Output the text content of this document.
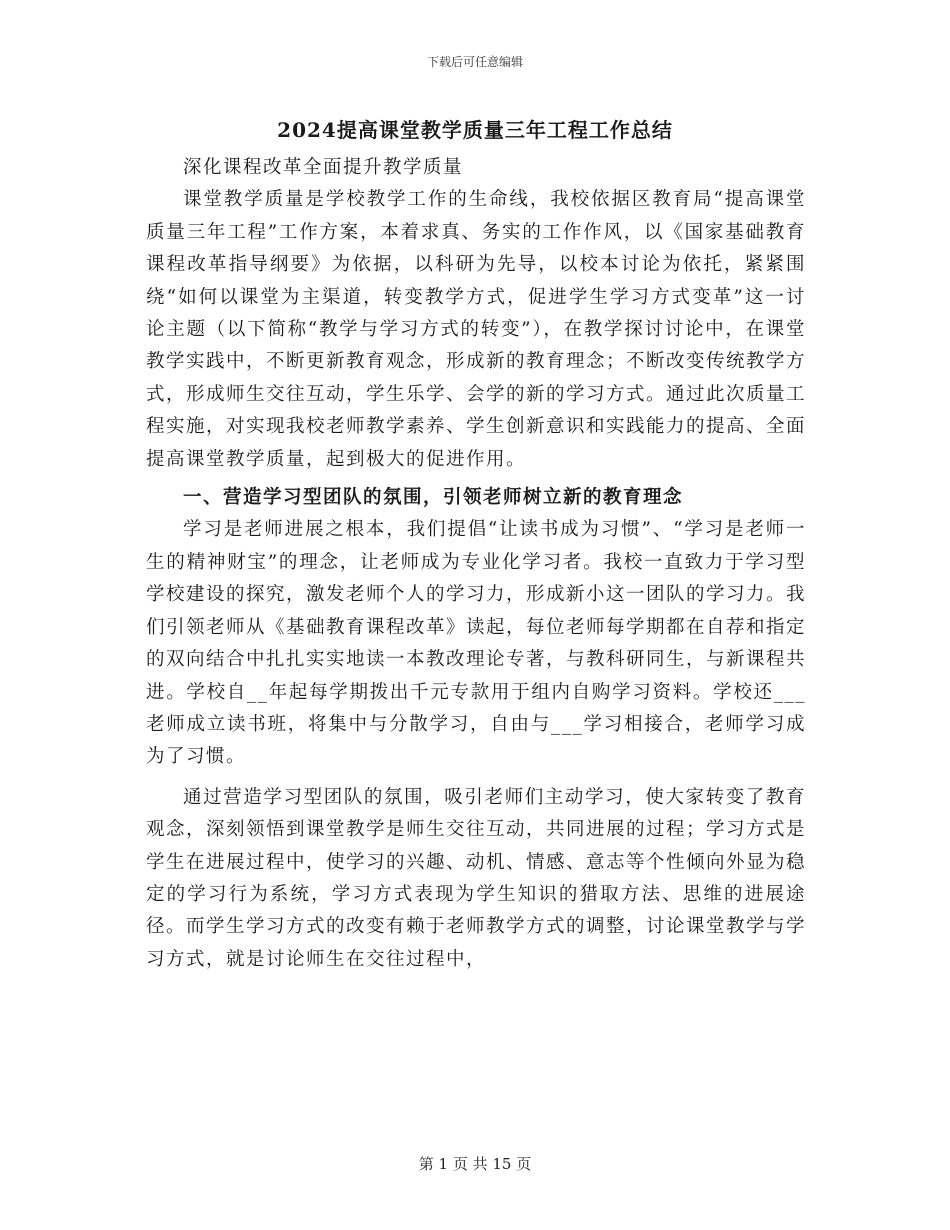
下载后可任意编辑
2024提高课堂教学质量三年工程工作总结

深化课程改革全面提升教学质量

课堂教学质量是学校教学工作的生命线，我校依据区教育局“提高课堂质量三年工程”工作方案，本着求真、务实的工作作风，以《国家基础教育课程改革指导纲要》为依据，以科研为先导，以校本讨论为依托，紧紧围绕“如何以课堂为主渠道，转变教学方式，促进学生学习方式变革”这一讨论主题（以下简称“教学与学习方式的转变”），在教学探讨讨论中，在课堂教学实践中，不断更新教育观念，形成新的教育理念；不断改变传统教学方式，形成师生交往互动，学生乐学、会学的新的学习方式。通过此次质量工程实施，对实现我校老师教学素养、学生创新意识和实践能力的提高、全面提高课堂教学质量，起到极大的促进作用。

一、营造学习型团队的氛围，引领老师树立新的教育理念

学习是老师进展之根本，我们提倡“让读书成为习惯”、“学习是老师一生的精神财宝”的理念，让老师成为专业化学习者。我校一直致力于学习型学校建设的探究，激发老师个人的学习力，形成新小这一团队的学习力。我们引领老师从《基础教育课程改革》读起，每位老师每学期都在自荐和指定的双向结合中扎扎实实地读一本教改理论专著，与教科研同生，与新课程共进。学校自__年起每学期拨出千元专款用于组内自购学习资料。学校还___老师成立读书班，将集中与分散学习，自由与___学习相接合，老师学习成为了习惯。

通过营造学习型团队的氛围，吸引老师们主动学习，使大家转变了教育观念，深刻领悟到课堂教学是师生交往互动，共同进展的过程；学习方式是学生在进展过程中，使学习的兴趣、动机、情感、意志等个性倾向外显为稳定的学习行为系统，学习方式表现为学生知识的猎取方法、思维的进展途径。而学生学习方式的改变有赖于老师教学方式的调整，讨论课堂教学与学习方式，就是讨论师生在交往过程中，

第 1 页 共 15 页
